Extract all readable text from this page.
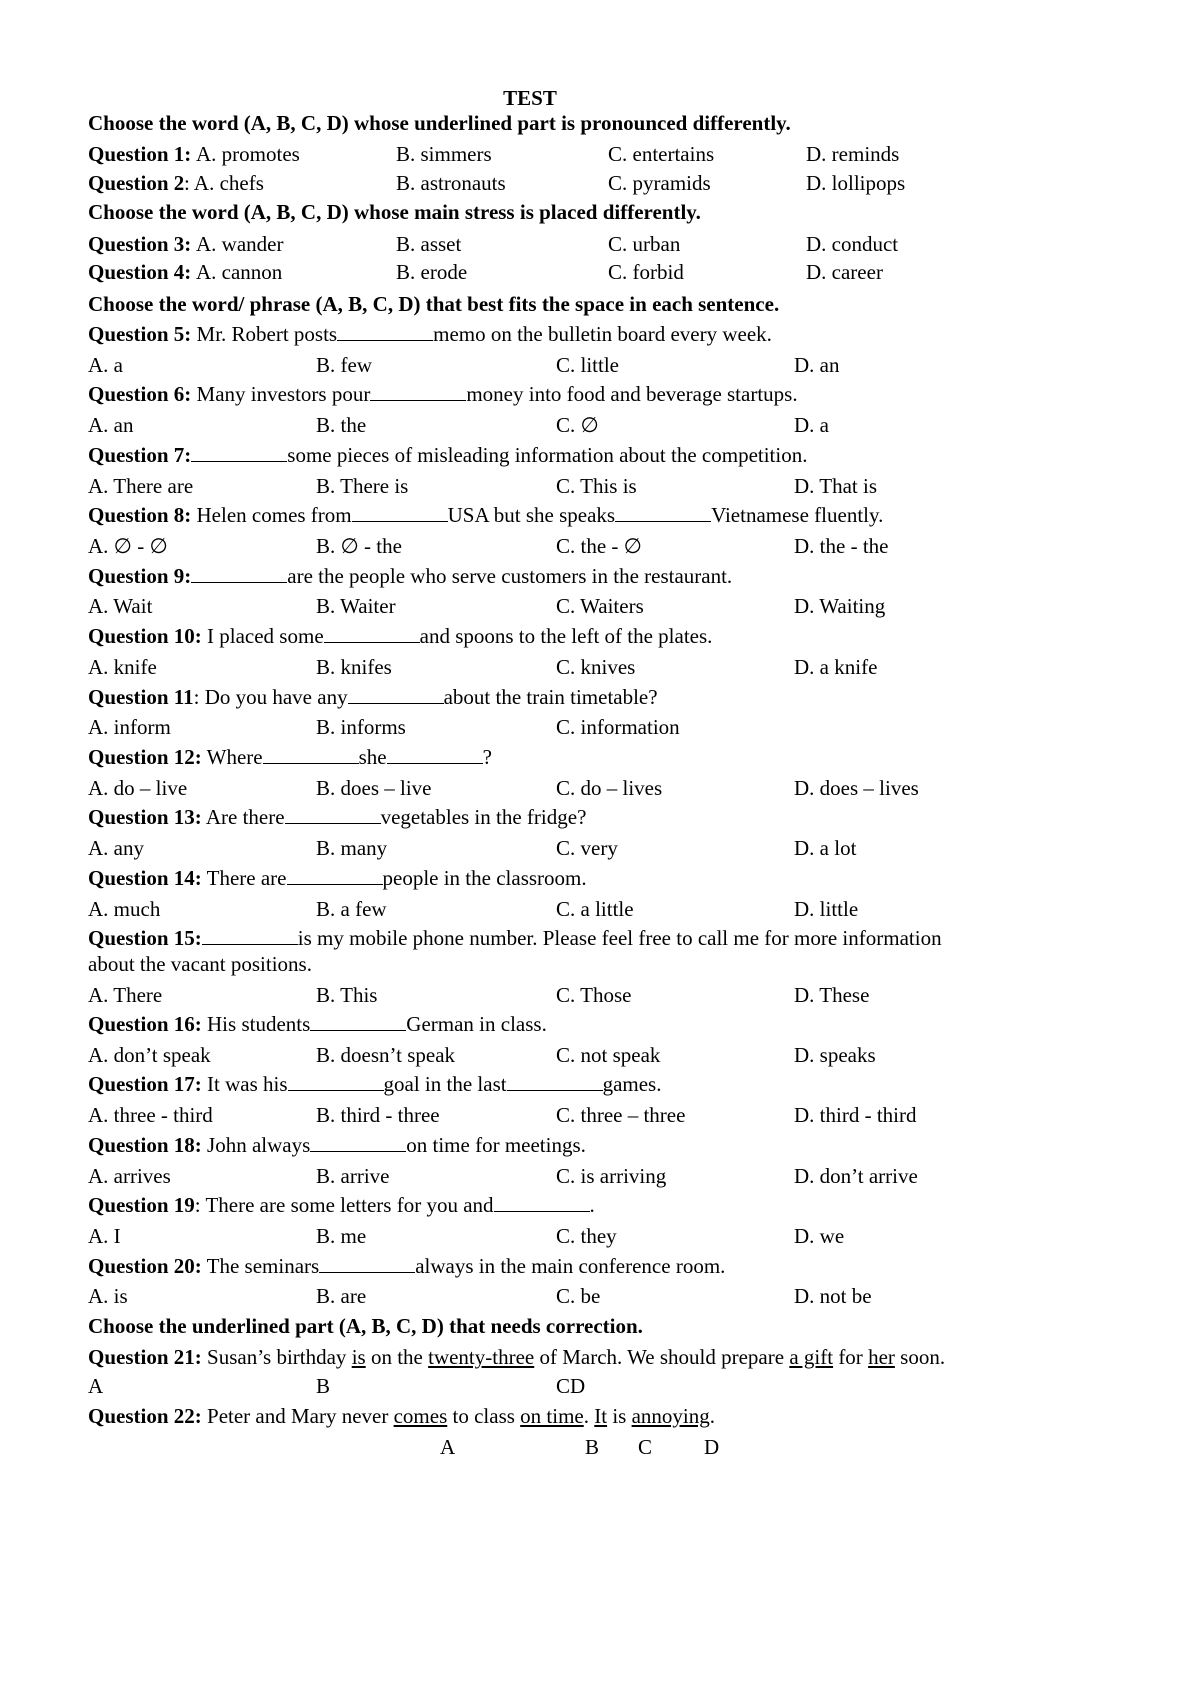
TEST
Choose the word (A, B, C, D) whose underlined part is pronounced differently.
Question 1: A. promotes	B. simmers	C. entertains	D. reminds
Question 2 : A. chefs	B. astronauts	C. pyramids	D. lollipops
Choose the word (A, B, C, D) whose main stress is placed differently.
Question 3: A. wander	B. asset	C. urban	D. conduct
Question 4: A. cannon	B. erode	C. forbid	D. career
Choose the word/ phrase (A, B, C, D) that best fits the space in each sentence.
Question 5: Mr. Robert posts	memo on the bulletin board every week.
A. a	B. few	C. little	D. an
Question 6: Many investors pour	money into food and beverage startups.
A. an	B. the	C. ∅	D. a
Question 7:	some pieces of misleading information about the competition.
A. There are	B. There is	C. This is	D. That is
Question 8: Helen comes from	USA but she speaks	Vietnamese fluently.
A. ∅ - ∅	B. ∅ - the	C. the - ∅	D. the - the
Question 9:	are the people who serve customers in the restaurant.
A. Wait	B. Waiter	C. Waiters	D. Waiting
Question 10: I placed some	and spoons to the left of the plates.
A. knife	B. knifes	C. knives	D. a knife
Question 11: Do you have any	about the train timetable?
A. inform	B. informs	C. information
Question 12: Where	she	?
A. do – live	B. does – live	C. do – lives	D. does – lives
Question 13: Are there	vegetables in the fridge?
A. any	B. many	C. very	D. a lot
Question 14: There are	people in the classroom.
A. much	B. a few	C. a little	D. little
Question 15:	is my mobile phone number. Please feel free to call me for more information
about the vacant positions.
A. There	B. This	C. Those	D. These
Question 16: His students	German in class.
A. don’t speak	B. doesn’t speak	C. not speak	D. speaks
Question 17: It was his	goal in the last	games.
A. three - third	B. third - three	C. three – three	D. third - third
Question 18: John always	on time for meetings.
A. arrives	B. arrive	C. is arriving	D. don’t arrive
Question 19: There are some letters for you and	.
A. I	B. me	C. they	D. we
Question 20: The seminars	always in the main conference room.
A. is	B. are	C. be	D. not be
Choose the underlined part (A, B, C, D) that needs correction.
Question 21: Susan’s birthday is on the twenty-three of March. We should prepare a gift for her soon.
A	B	CD
Question 22: Peter and Mary never comes to class on time. It is annoying.
A	B C D
